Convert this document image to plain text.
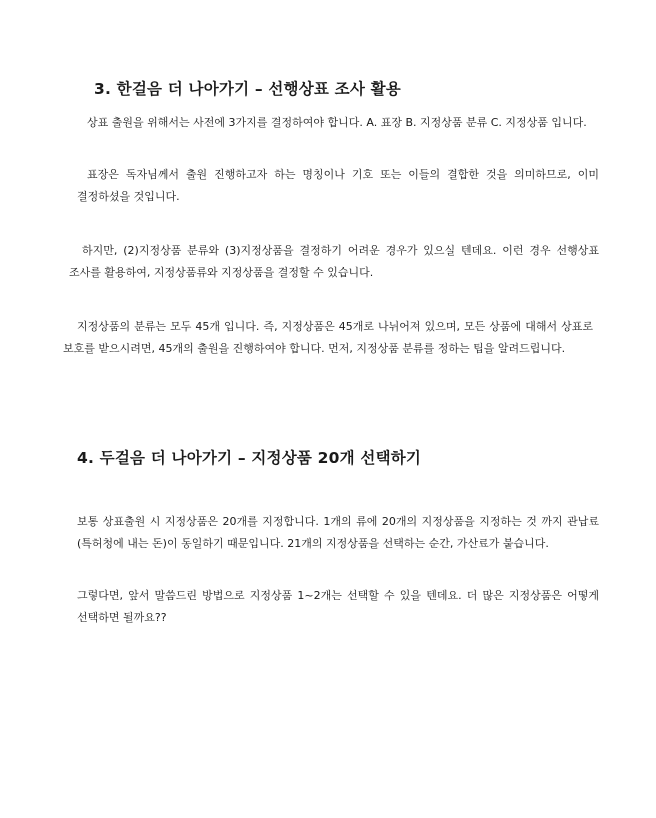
3. 한걸음 더 나아가기 – 선행상표 조사 활용

상표 출원을 위해서는 사전에 3가지를 결정하여야 합니다. A. 표장 B. 지정상품 분류 C. 지정상품 입니다.

표장은 독자님께서 출원 진행하고자 하는 명칭이나 기호 또는 이들의 결합한 것을 의미하므로, 이미 결정하셨을 것입니다.

하지만, (2)지정상품 분류와 (3)지정상품을 결정하기 어려운 경우가 있으실 텐데요. 이런 경우 선행상표 조사를 활용하여, 지정상품류와 지정상품을 결정할 수 있습니다.

지정상품의 분류는 모두 45개 입니다. 즉, 지정상품은 45개로 나뉘어져 있으며, 모든 상품에 대해서 상표로 보호를 받으시려면, 45개의 출원을 진행하여야 합니다. 먼저, 지정상품 분류를 정하는 팁을 알려드립니다.

4. 두걸음 더 나아가기 – 지정상품 20개 선택하기

보통 상표출원 시 지정상품은 20개를 지정합니다. 1개의 류에 20개의 지정상품을 지정하는 것 까지 관납료(특허청에 내는 돈)이 동일하기 때문입니다. 21개의 지정상품을 선택하는 순간, 가산료가 붙습니다.

그렇다면, 앞서 말씀드린 방법으로 지정상품 1~2개는 선택할 수 있을 텐데요. 더 많은 지정상품은 어떻게 선택하면 될까요??
